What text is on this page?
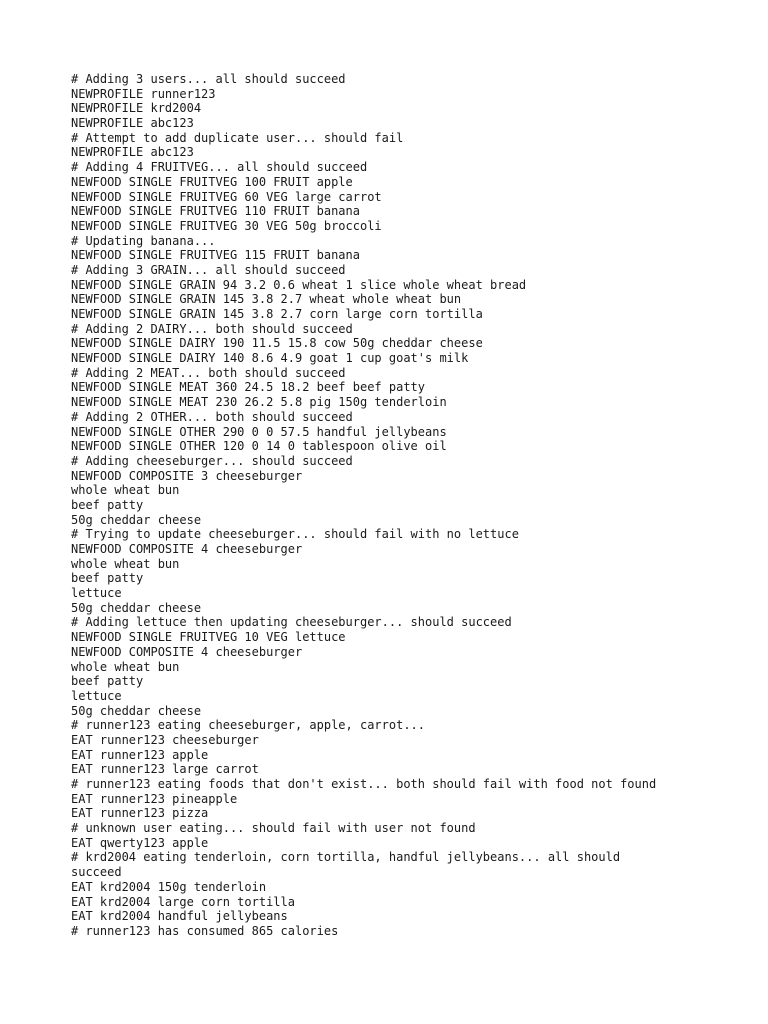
# Adding 3 users... all should succeed
NEWPROFILE runner123
NEWPROFILE krd2004
NEWPROFILE abc123
# Attempt to add duplicate user... should fail
NEWPROFILE abc123
# Adding 4 FRUITVEG... all should succeed
NEWFOOD SINGLE FRUITVEG 100 FRUIT apple
NEWFOOD SINGLE FRUITVEG 60 VEG large carrot
NEWFOOD SINGLE FRUITVEG 110 FRUIT banana
NEWFOOD SINGLE FRUITVEG 30 VEG 50g broccoli
# Updating banana...
NEWFOOD SINGLE FRUITVEG 115 FRUIT banana
# Adding 3 GRAIN... all should succeed
NEWFOOD SINGLE GRAIN 94 3.2 0.6 wheat 1 slice whole wheat bread
NEWFOOD SINGLE GRAIN 145 3.8 2.7 wheat whole wheat bun
NEWFOOD SINGLE GRAIN 145 3.8 2.7 corn large corn tortilla
# Adding 2 DAIRY... both should succeed
NEWFOOD SINGLE DAIRY 190 11.5 15.8 cow 50g cheddar cheese
NEWFOOD SINGLE DAIRY 140 8.6 4.9 goat 1 cup goat's milk
# Adding 2 MEAT... both should succeed
NEWFOOD SINGLE MEAT 360 24.5 18.2 beef beef patty
NEWFOOD SINGLE MEAT 230 26.2 5.8 pig 150g tenderloin
# Adding 2 OTHER... both should succeed
NEWFOOD SINGLE OTHER 290 0 0 57.5 handful jellybeans
NEWFOOD SINGLE OTHER 120 0 14 0 tablespoon olive oil
# Adding cheeseburger... should succeed
NEWFOOD COMPOSITE 3 cheeseburger
whole wheat bun
beef patty
50g cheddar cheese
# Trying to update cheeseburger... should fail with no lettuce
NEWFOOD COMPOSITE 4 cheeseburger
whole wheat bun
beef patty
lettuce
50g cheddar cheese
# Adding lettuce then updating cheeseburger... should succeed
NEWFOOD SINGLE FRUITVEG 10 VEG lettuce
NEWFOOD COMPOSITE 4 cheeseburger
whole wheat bun
beef patty
lettuce
50g cheddar cheese
# runner123 eating cheeseburger, apple, carrot...
EAT runner123 cheeseburger
EAT runner123 apple
EAT runner123 large carrot
# runner123 eating foods that don't exist... both should fail with food not found
EAT runner123 pineapple
EAT runner123 pizza
# unknown user eating... should fail with user not found
EAT qwerty123 apple
# krd2004 eating tenderloin, corn tortilla, handful jellybeans... all should
succeed
EAT krd2004 150g tenderloin
EAT krd2004 large corn tortilla
EAT krd2004 handful jellybeans
# runner123 has consumed 865 calories
